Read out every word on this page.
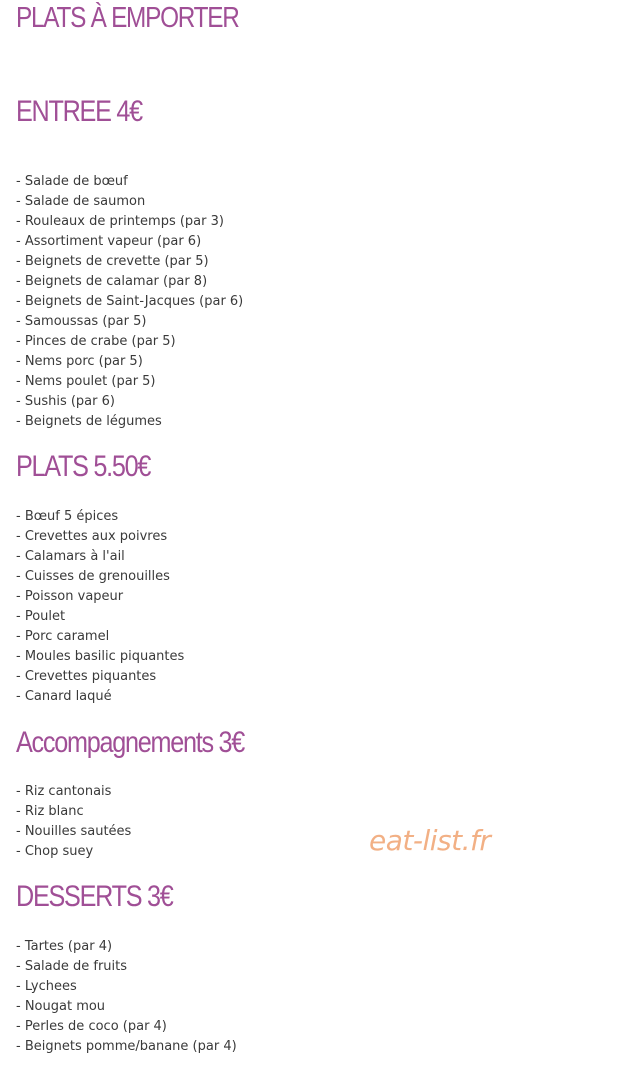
PLATS À EMPORTER
ENTREE 4€
- Salade de bœuf
- Salade de saumon
- Rouleaux de printemps (par 3)
- Assortiment vapeur (par 6)
- Beignets de crevette (par 5)
- Beignets de calamar (par 8)
- Beignets de Saint-Jacques (par 6)
- Samoussas (par 5)
- Pinces de crabe (par 5)
- Nems porc (par 5)
- Nems poulet (par 5)
- Sushis (par 6)
- Beignets de légumes
PLATS 5.50€
- Bœuf 5 épices
- Crevettes aux poivres
- Calamars à l'ail
- Cuisses de grenouilles
- Poisson vapeur
- Poulet
- Porc caramel
- Moules basilic piquantes
- Crevettes piquantes
- Canard laqué
Accompagnements 3€
- Riz cantonais
- Riz blanc
- Nouilles sautées
- Chop suey	eat-list.fr
DESSERTS 3€
- Tartes (par 4)
- Salade de fruits
- Lychees
- Nougat mou
- Perles de coco (par 4)
- Beignets pomme/banane (par 4)
